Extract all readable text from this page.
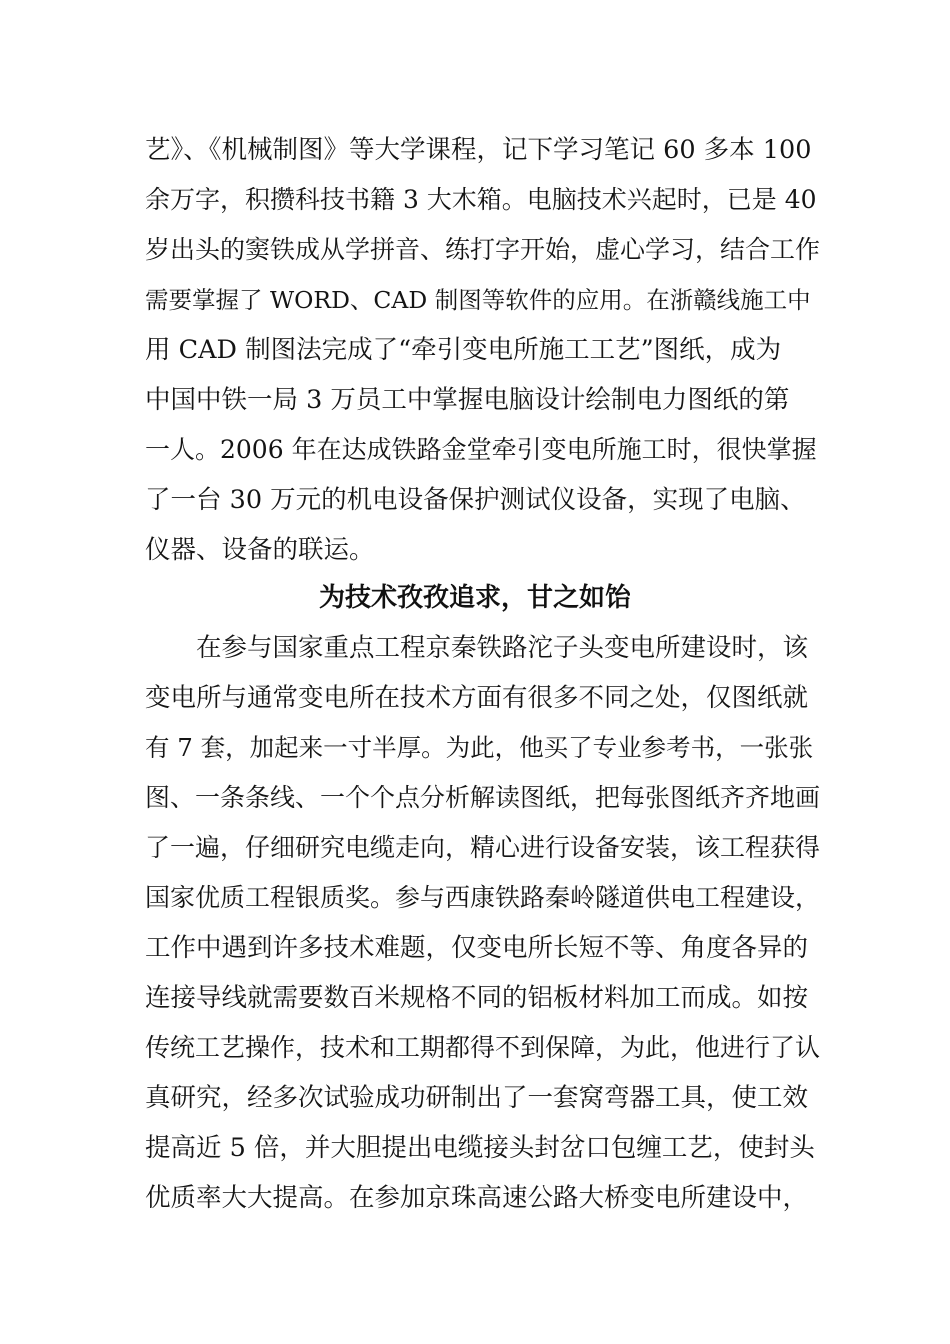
艺》、《机械制图》等大学课程，记下学习笔记 60 多本 100
余万字，积攒科技书籍 3 大木箱。电脑技术兴起时，已是 40
岁出头的窦铁成从学拼音、练打字开始，虚心学习，结合工作
需要掌握了 WORD、CAD 制图等软件的应用。在浙赣线施工中
用 CAD 制图法完成了“牵引变电所施工工艺”图纸，成为
中国中铁一局 3 万员工中掌握电脑设计绘制电力图纸的第
一人。2006 年在达成铁路金堂牵引变电所施工时，很快掌握
了一台 30 万元的机电设备保护测试仪设备，实现了电脑、
仪器、设备的联运。
为技术孜孜追求，甘之如饴
　　在参与国家重点工程京秦铁路沱子头变电所建设时，该
变电所与通常变电所在技术方面有很多不同之处，仅图纸就
有 7 套，加起来一寸半厚。为此，他买了专业参考书，一张张
图、一条条线、一个个点分析解读图纸，把每张图纸齐齐地画
了一遍，仔细研究电缆走向，精心进行设备安装，该工程获得
国家优质工程银质奖。参与西康铁路秦岭隧道供电工程建设，
工作中遇到许多技术难题，仅变电所长短不等、角度各异的
连接导线就需要数百米规格不同的铝板材料加工而成。如按
传统工艺操作，技术和工期都得不到保障，为此，他进行了认
真研究，经多次试验成功研制出了一套窝弯器工具，使工效
提高近 5 倍，并大胆提出电缆接头封岔口包缠工艺，使封头
优质率大大提高。在参加京珠高速公路大桥变电所建设中，
